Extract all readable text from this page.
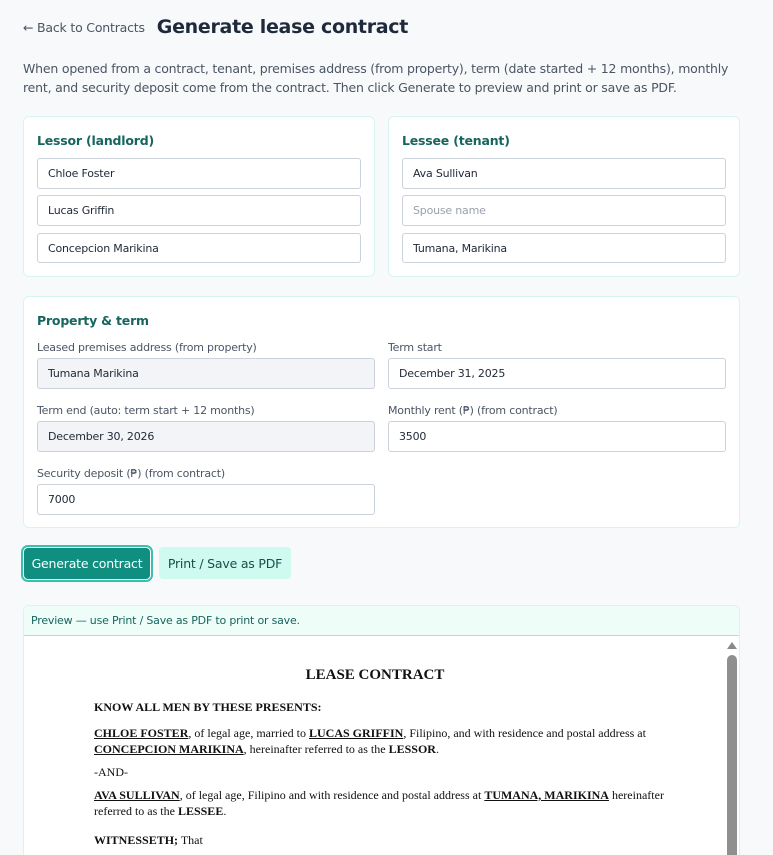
← Back to Contracts Generate lease contract

When opened from a contract, tenant, premises address (from property), term (date started + 12 months), monthly rent, and security deposit come from the contract. Then click Generate to preview and print or save as PDF.

Lessor (landlord)
Chloe Foster
Lucas Griffin
Concepcion Marikina	Lessee (tenant)
Ava Sullivan
Spouse name
Tumana, Marikina
Property & term
Leased premises address (from property)
Tumana Marikina	Term start
December 31, 2025
Term end (auto: term start + 12 months)
December 30, 2026	Monthly rent (₱) (from contract)
3500
Security deposit (₱) (from contract)
7000
Generate contract	Print / Save as PDF
Preview — use Print / Save as PDF to print or save.
LEASE CONTRACT

KNOW ALL MEN BY THESE PRESENTS:

CHLOE FOSTER, of legal age, married to LUCAS GRIFFIN, Filipino, and with residence and postal address at CONCEPCION MARIKINA, hereinafter referred to as the LESSOR.

-AND-

AVA SULLIVAN, of legal age, Filipino and with residence and postal address at TUMANA, MARIKINA hereinafter referred to as the LESSEE.

WITNESSETH; That
